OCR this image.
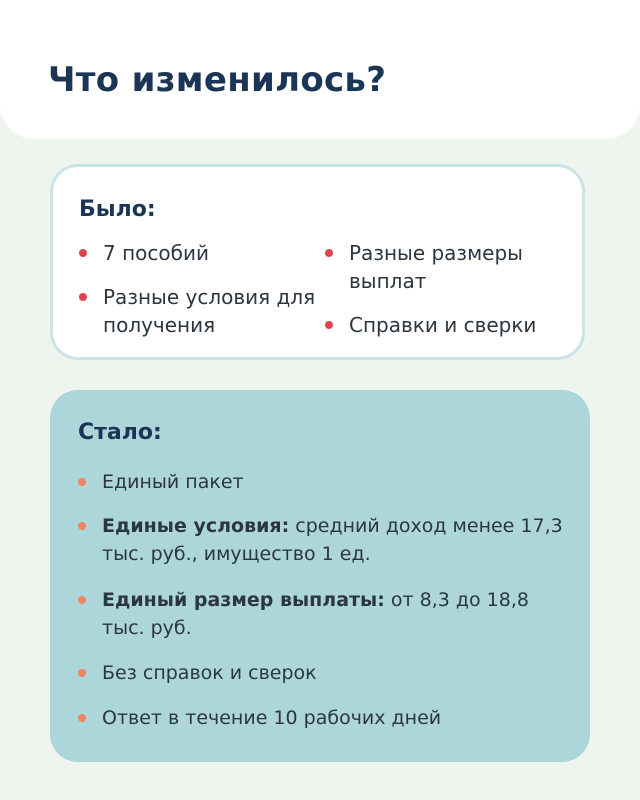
Что изменилось?
Было:
7 пособий
Разные условия для получения
Разные размеры выплат
Справки и сверки
Стало:
Единый пакет
Единые условия: средний доход менее 17,3 тыс. руб., имущество 1 ед.
Единый размер выплаты: от 8,3 до 18,8 тыс. руб.
Без справок и сверок
Ответ в течение 10 рабочих дней
